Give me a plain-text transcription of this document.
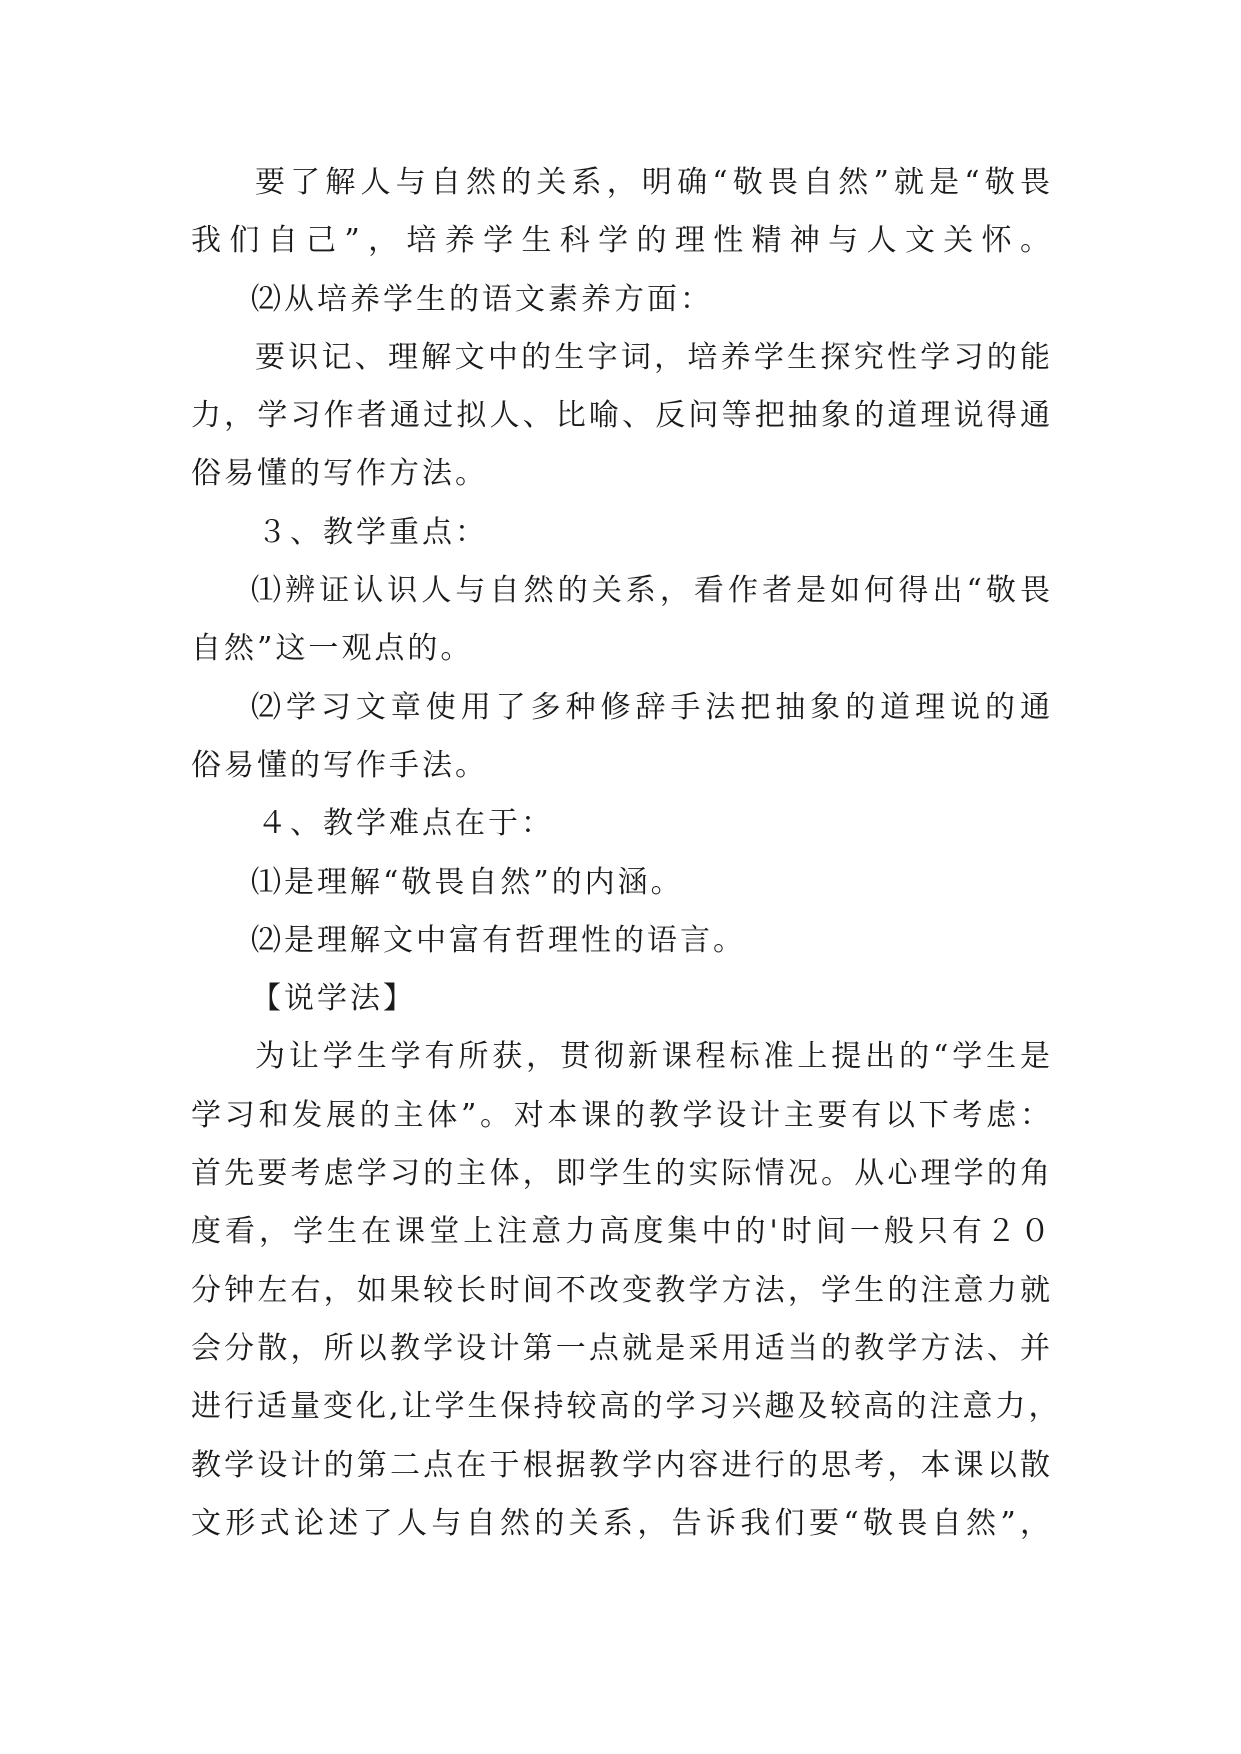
要了解人与自然的关系，明确“敬畏自然”就是“敬畏
我们自己”，培养学生科学的理性精神与人文关怀。
⑵从培养学生的语文素养方面：
要识记、理解文中的生字词，培养学生探究性学习的能
力，学习作者通过拟人、比喻、反问等把抽象的道理说得通
俗易懂的写作方法。
３、教学重点：
⑴辨证认识人与自然的关系，看作者是如何得出“敬畏
自然”这一观点的。
⑵学习文章使用了多种修辞手法把抽象的道理说的通
俗易懂的写作手法。
４、教学难点在于：
⑴是理解“敬畏自然”的内涵。
⑵是理解文中富有哲理性的语言。
【说学法】
为让学生学有所获，贯彻新课程标准上提出的“学生是
学习和发展的主体”。对本课的教学设计主要有以下考虑：
首先要考虑学习的主体，即学生的实际情况。从心理学的角
度看，学生在课堂上注意力高度集中的'时间一般只有２０
分钟左右，如果较长时间不改变教学方法，学生的注意力就
会分散，所以教学设计第一点就是采用适当的教学方法、并
进行适量变化,让学生保持较高的学习兴趣及较高的注意力，
教学设计的第二点在于根据教学内容进行的思考，本课以散
文形式论述了人与自然的关系，告诉我们要“敬畏自然”，
